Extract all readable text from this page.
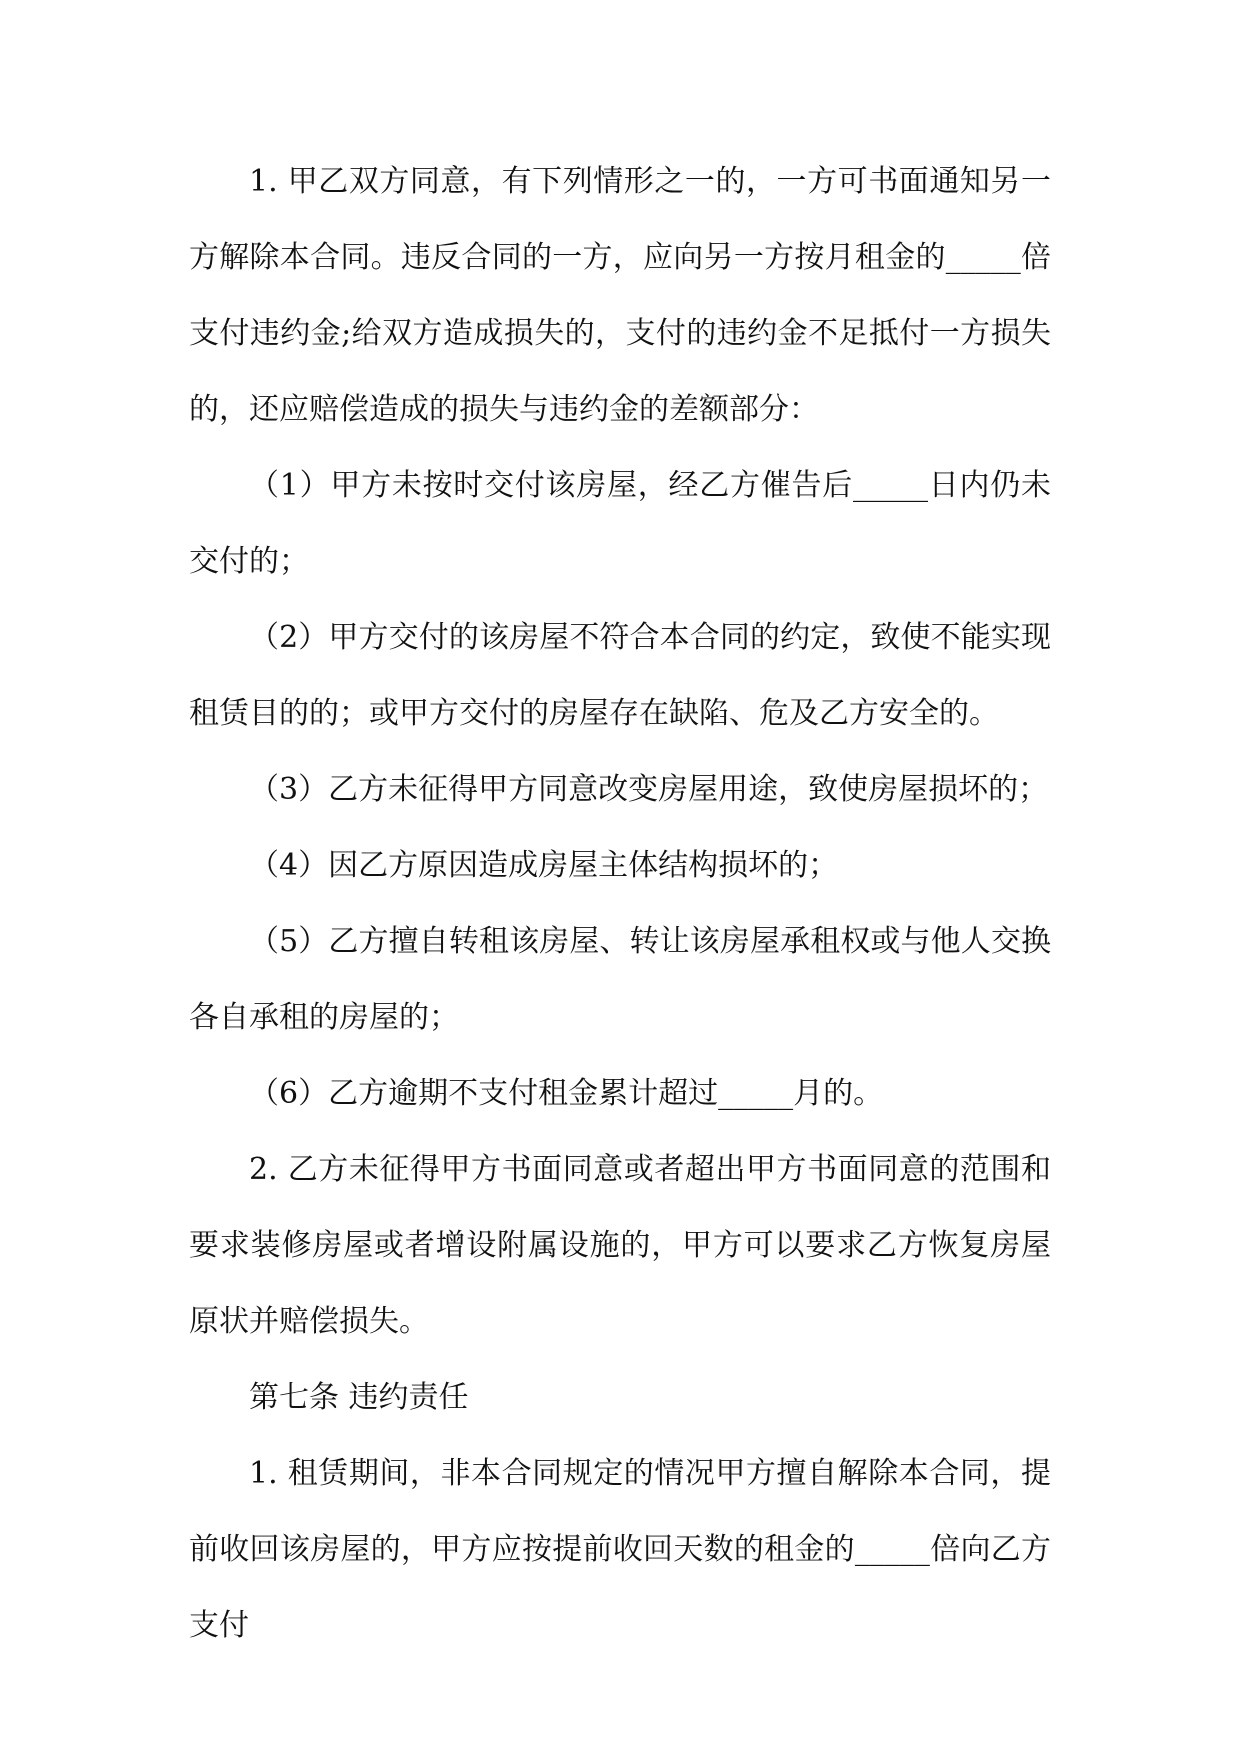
1. 甲乙双方同意，有下列情形之一的，一方可书面通知另一方解除本合同。违反合同的一方，应向另一方按月租金的_____倍支付违约金;给双方造成损失的，支付的违约金不足抵付一方损失的，还应赔偿造成的损失与违约金的差额部分：

（1）甲方未按时交付该房屋，经乙方催告后_____日内仍未交付的；

（2）甲方交付的该房屋不符合本合同的约定，致使不能实现租赁目的的；或甲方交付的房屋存在缺陷、危及乙方安全的。

（3）乙方未征得甲方同意改变房屋用途，致使房屋损坏的；

（4）因乙方原因造成房屋主体结构损坏的；

（5）乙方擅自转租该房屋、转让该房屋承租权或与他人交换各自承租的房屋的；

（6）乙方逾期不支付租金累计超过_____月的。

2. 乙方未征得甲方书面同意或者超出甲方书面同意的范围和要求装修房屋或者增设附属设施的，甲方可以要求乙方恢复房屋原状并赔偿损失。

第七条 违约责任

1. 租赁期间，非本合同规定的情况甲方擅自解除本合同，提前收回该房屋的，甲方应按提前收回天数的租金的_____倍向乙方支付
